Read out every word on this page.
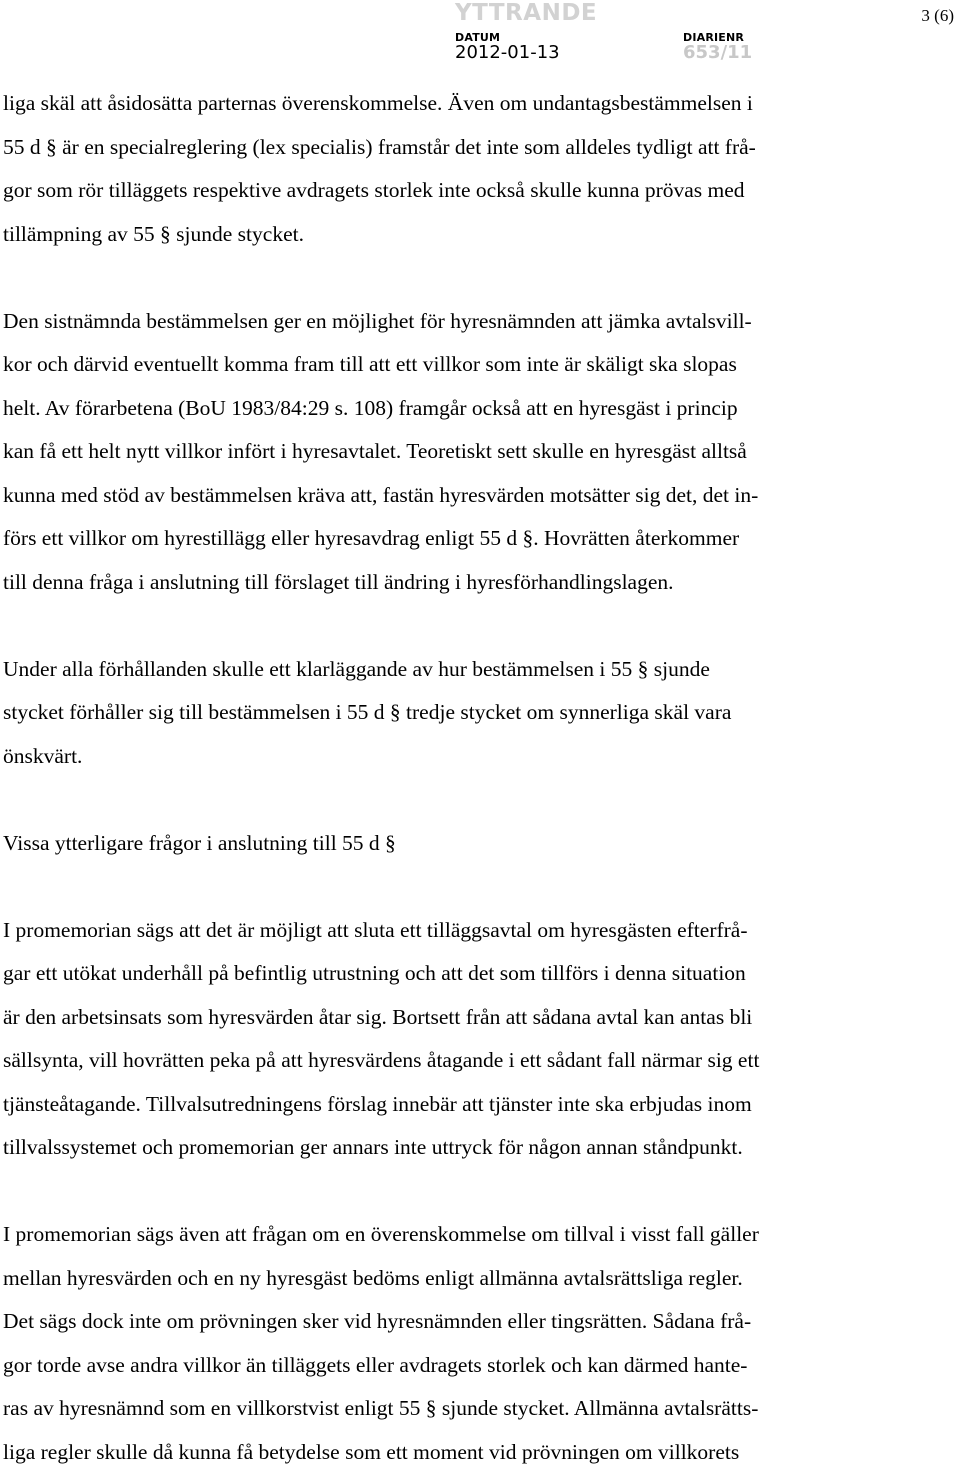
YTTRANDE	3 (6)
DATUM	DIARIENR
2012-01-13	653/11
liga skäl att åsidosätta parternas överenskommelse. Även om undantagsbestämmelsen i
55 d § är en specialreglering (lex specialis) framstår det inte som alldeles tydligt att frå-
gor som rör tilläggets respektive avdragets storlek inte också skulle kunna prövas med
tillämpning av 55 § sjunde stycket.
Den sistnämnda bestämmelsen ger en möjlighet för hyresnämnden att jämka avtalsvill-
kor och därvid eventuellt komma fram till att ett villkor som inte är skäligt ska slopas
helt. Av förarbetena (BoU 1983/84:29 s. 108) framgår också att en hyresgäst i princip
kan få ett helt nytt villkor infört i hyresavtalet. Teoretiskt sett skulle en hyresgäst alltså
kunna med stöd av bestämmelsen kräva att, fastän hyresvärden motsätter sig det, det in-
förs ett villkor om hyrestillägg eller hyresavdrag enligt 55 d §. Hovrätten återkommer
till denna fråga i anslutning till förslaget till ändring i hyresförhandlingslagen.
Under alla förhållanden skulle ett klarläggande av hur bestämmelsen i 55 § sjunde
stycket förhåller sig till bestämmelsen i 55 d § tredje stycket om synnerliga skäl vara
önskvärt.
Vissa ytterligare frågor i anslutning till 55 d §
I promemorian sägs att det är möjligt att sluta ett tilläggsavtal om hyresgästen efterfrå-
gar ett utökat underhåll på befintlig utrustning och att det som tillförs i denna situation
är den arbetsinsats som hyresvärden åtar sig. Bortsett från att sådana avtal kan antas bli
sällsynta, vill hovrätten peka på att hyresvärdens åtagande i ett sådant fall närmar sig ett
tjänsteåtagande. Tillvalsutredningens förslag innebär att tjänster inte ska erbjudas inom
tillvalssystemet och promemorian ger annars inte uttryck för någon annan ståndpunkt.
I promemorian sägs även att frågan om en överenskommelse om tillval i visst fall gäller
mellan hyresvärden och en ny hyresgäst bedöms enligt allmänna avtalsrättsliga regler.
Det sägs dock inte om prövningen sker vid hyresnämnden eller tingsrätten. Sådana frå-
gor torde avse andra villkor än tilläggets eller avdragets storlek och kan därmed hante-
ras av hyresnämnd som en villkorstvist enligt 55 § sjunde stycket. Allmänna avtalsrätts-
liga regler skulle då kunna få betydelse som ett moment vid prövningen om villkorets
